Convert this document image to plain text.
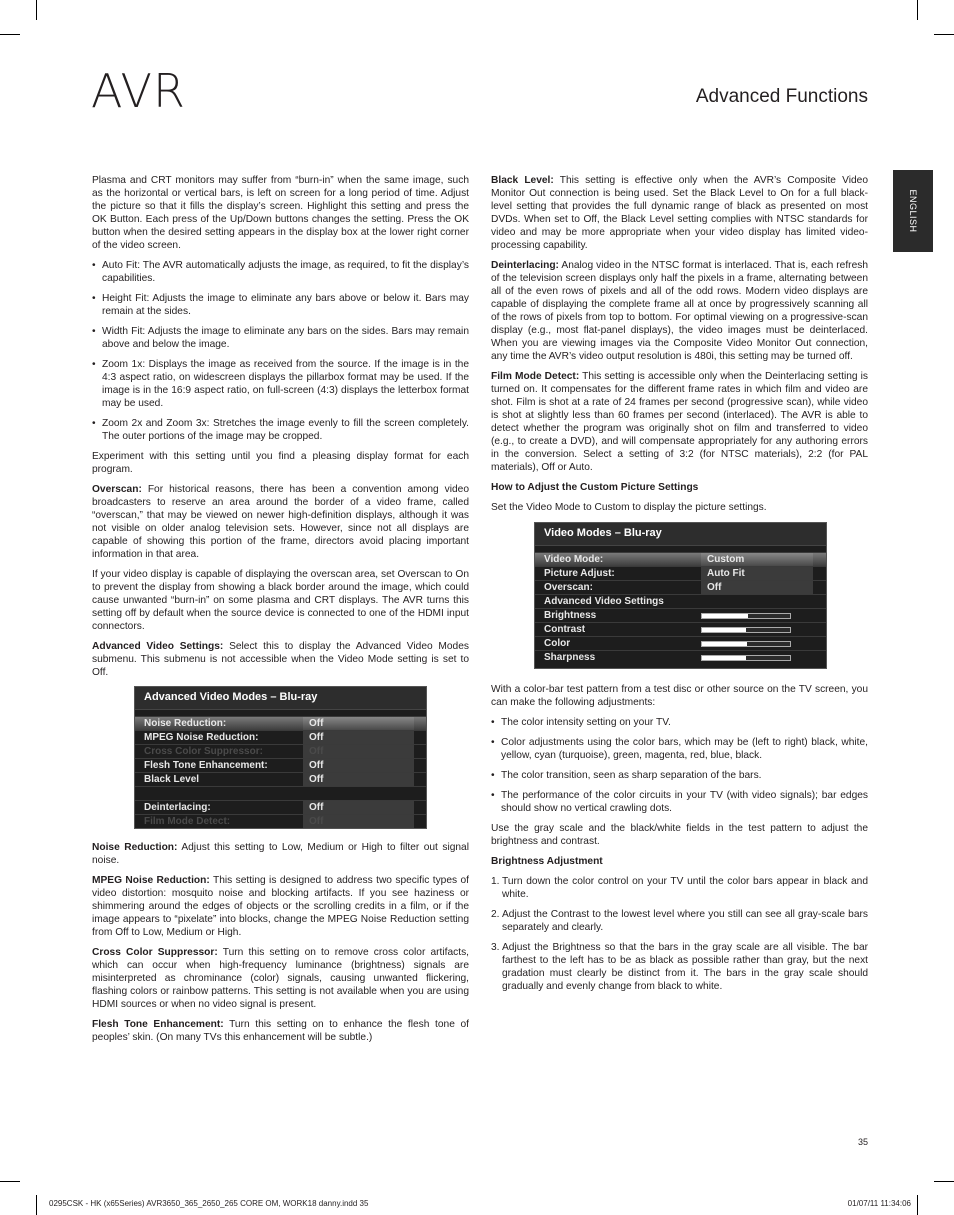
AVR	Advanced Functions
ENGLISH

Plasma and CRT monitors may suffer from “burn-in” when the same image, such as the horizontal or vertical bars, is left on screen for a long period of time. Adjust the picture so that it fills the display’s screen. Highlight this setting and press the OK Button. Each press of the Up/Down buttons changes the setting. Press the OK button when the desired setting appears in the display box at the lower right corner of the video screen.

• Auto Fit: The AVR automatically adjusts the image, as required, to fit the display’s capabilities.
• Height Fit: Adjusts the image to eliminate any bars above or below it. Bars may remain at the sides.
• Width Fit: Adjusts the image to eliminate any bars on the sides. Bars may remain above and below the image.
• Zoom 1x: Displays the image as received from the source. If the image is in the 4:3 aspect ratio, on widescreen displays the pillarbox format may be used. If the image is in the 16:9 aspect ratio, on full-screen (4:3) displays the letterbox format may be used.
• Zoom 2x and Zoom 3x: Stretches the image evenly to fill the screen completely. The outer portions of the image may be cropped.

Experiment with this setting until you find a pleasing display format for each program.

Overscan: For historical reasons, there has been a convention among video broadcasters to reserve an area around the border of a video frame, called “overscan,” that may be viewed on newer high-definition displays, although it was not visible on older analog television sets. However, since not all displays are capable of showing this portion of the frame, directors avoid placing important information in that area.

If your video display is capable of displaying the overscan area, set Overscan to On to prevent the display from showing a black border around the image, which could cause unwanted “burn-in” on some plasma and CRT displays. The AVR turns this setting off by default when the source device is connected to one of the HDMI input connectors.

Advanced Video Settings: Select this to display the Advanced Video Modes submenu. This submenu is not accessible when the Video Mode setting is set to Off.

Advanced Video Modes – Blu-ray
Noise Reduction:	Off
MPEG Noise Reduction:	Off
Cross Color Suppressor:	Off
Flesh Tone Enhancement:	Off
Black Level	Off
Deinterlacing:	Off
Film Mode Detect:	Off

Noise Reduction: Adjust this setting to Low, Medium or High to filter out signal noise.

MPEG Noise Reduction: This setting is designed to address two specific types of video distortion: mosquito noise and blocking artifacts. If you see haziness or shimmering around the edges of objects or the scrolling credits in a film, or if the image appears to “pixelate” into blocks, change the MPEG Noise Reduction setting from Off to Low, Medium or High.

Cross Color Suppressor: Turn this setting on to remove cross color artifacts, which can occur when high-frequency luminance (brightness) signals are misinterpreted as chrominance (color) signals, causing unwanted flickering, flashing colors or rainbow patterns. This setting is not available when you are using HDMI sources or when no video signal is present.

Flesh Tone Enhancement: Turn this setting on to enhance the flesh tone of peoples’ skin. (On many TVs this enhancement will be subtle.)

Black Level: This setting is effective only when the AVR’s Composite Video Monitor Out connection is being used. Set the Black Level to On for a full black-level setting that provides the full dynamic range of black as presented on most DVDs. When set to Off, the Black Level setting complies with NTSC standards for video and may be more appropriate when your video display has limited video-processing capability.

Deinterlacing: Analog video in the NTSC format is interlaced. That is, each refresh of the television screen displays only half the pixels in a frame, alternating between all of the even rows of pixels and all of the odd rows. Modern video displays are capable of displaying the complete frame all at once by progressively scanning all of the rows of pixels from top to bottom. For optimal viewing on a progressive-scan display (e.g., most flat-panel displays), the video images must be deinterlaced. When you are viewing images via the Composite Video Monitor Out connection, any time the AVR’s video output resolution is 480i, this setting may be turned off.

Film Mode Detect: This setting is accessible only when the Deinterlacing setting is turned on. It compensates for the different frame rates in which film and video are shot. Film is shot at a rate of 24 frames per second (progressive scan), while video is shot at slightly less than 60 frames per second (interlaced). The AVR is able to detect whether the program was originally shot on film and transferred to video (e.g., to create a DVD), and will compensate appropriately for any authoring errors in the conversion. Select a setting of 3:2 (for NTSC materials), 2:2 (for PAL materials), Off or Auto.

How to Adjust the Custom Picture Settings

Set the Video Mode to Custom to display the picture settings.

Video Modes – Blu-ray
Video Mode:	Custom
Picture Adjust:	Auto Fit
Overscan:	Off
Advanced Video Settings
Brightness
Contrast
Color
Sharpness

With a color-bar test pattern from a test disc or other source on the TV screen, you can make the following adjustments:

• The color intensity setting on your TV.
• Color adjustments using the color bars, which may be (left to right) black, white, yellow, cyan (turquoise), green, magenta, red, blue, black.
• The color transition, seen as sharp separation of the bars.
• The performance of the color circuits in your TV (with video signals); bar edges should show no vertical crawling dots.

Use the gray scale and the black/white fields in the test pattern to adjust the brightness and contrast.

Brightness Adjustment

1. Turn down the color control on your TV until the color bars appear in black and white.
2. Adjust the Contrast to the lowest level where you still can see all gray-scale bars separately and clearly.
3. Adjust the Brightness so that the bars in the gray scale are all visible. The bar farthest to the left has to be as black as possible rather than gray, but the next gradation must clearly be distinct from it. The bars in the gray scale should gradually and evenly change from black to white.
35
0295CSK - HK (x65Series) AVR3650_365_2650_265 CORE OM, WORK18 danny.indd 35	01/07/11 11:34:06
